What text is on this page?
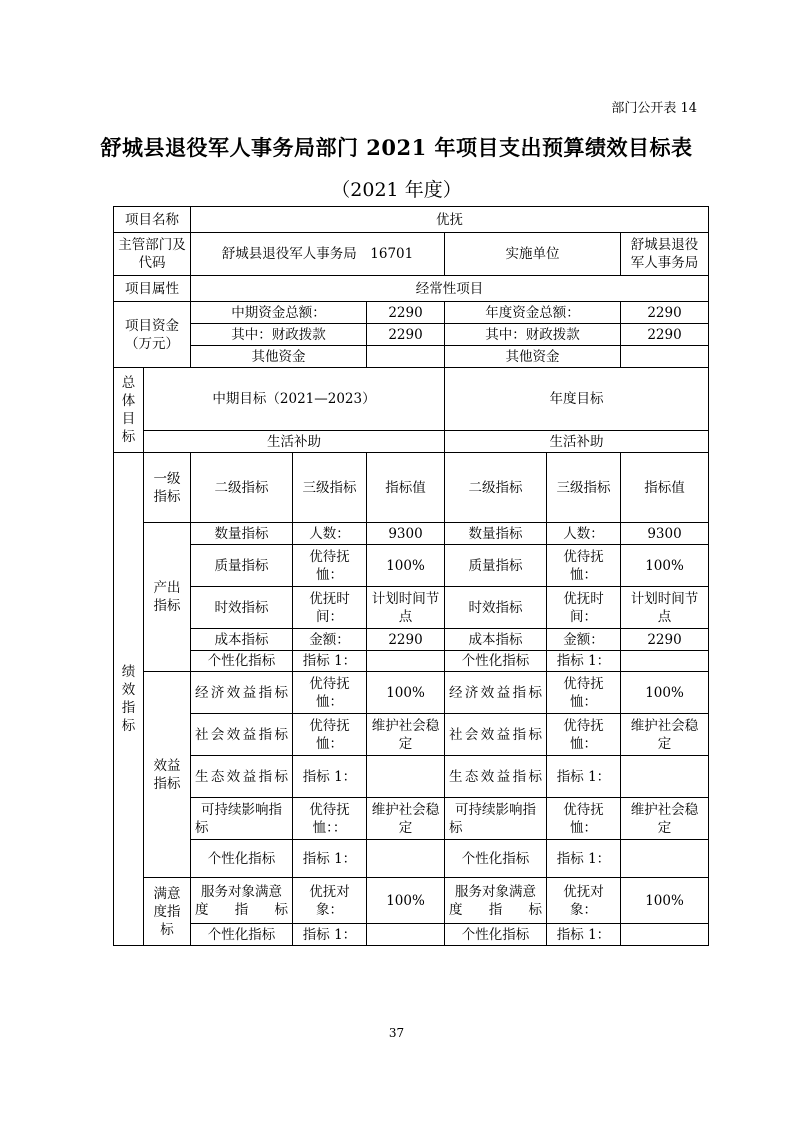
部门公开表 14
舒城县退役军人事务局部门 2021 年项目支出预算绩效目标表
（2021 年度）
项目名称		优抚					
主管部门及代码		舒城县退役军人事务局　16701			实施单位		舒城县退役军人事务局
项目属性		经常性项目					
项目资金（万元）		中期资金总额：		2290	年度资金总额：		2290
		其中：财政拨款		2290	其中：财政拨款		2290
		其他资金			其他资金		
总体目标	中期目标（2021—2023）				年度目标		
	生活补助				生活补助		
绩效指标	一级指标	二级指标	三级指标	指标值	二级指标	三级指标	指标值
	产出指标	数量指标	人数：	9300	数量指标	人数：	9300
		质量指标	优待抚恤：	100%	质量指标	优待抚恤：	100%
		时效指标	优抚时间：	计划时间节点	时效指标	优抚时间：	计划时间节点
		成本指标	金额：	2290	成本指标	金额：	2290
		个性化指标	指标 1：		个性化指标	指标 1：	
	效益指标	经济效益指标	优待抚恤：	100%	经济效益指标	优待抚恤：	100%
		社会效益指标	优待抚恤：	维护社会稳定	社会效益指标	优待抚恤：	维护社会稳定
		生态效益指标	指标 1：		生态效益指标	指标 1：	
		可持续影响指标	优待抚恤：：	维护社会稳定	可持续影响指标	优待抚恤：	维护社会稳定
		个性化指标	指标 1：		个性化指标	指标 1：	
	满意度指标	服务对象满意度指标	优抚对象：	100%	服务对象满意度指标	优抚对象：	100%
		个性化指标	指标 1：		个性化指标	指标 1：	
37
